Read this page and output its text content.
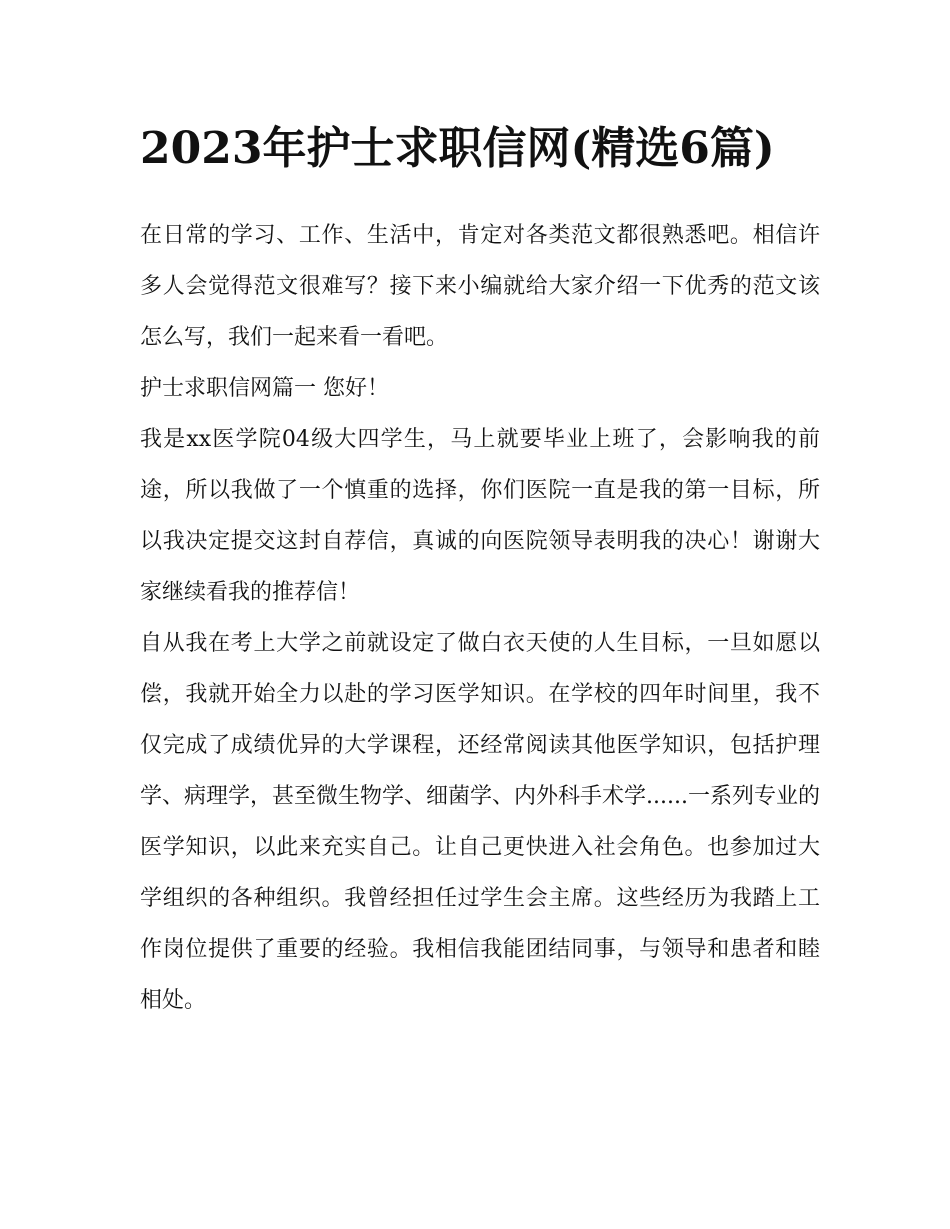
2023年护士求职信网(精选6篇)

在日常的学习、工作、生活中，肯定对各类范文都很熟悉吧。相信许多人会觉得范文很难写？接下来小编就给大家介绍一下优秀的范文该怎么写，我们一起来看一看吧。

护士求职信网篇一 您好！

我是xx医学院04级大四学生，马上就要毕业上班了，会影响我的前途，所以我做了一个慎重的选择，你们医院一直是我的第一目标，所以我决定提交这封自荐信，真诚的向医院领导表明我的决心！谢谢大家继续看我的推荐信！

自从我在考上大学之前就设定了做白衣天使的人生目标，一旦如愿以偿，我就开始全力以赴的学习医学知识。在学校的四年时间里，我不仅完成了成绩优异的大学课程，还经常阅读其他医学知识，包括护理学、病理学，甚至微生物学、细菌学、内外科手术学......一系列专业的医学知识，以此来充实自己。让自己更快进入社会角色。也参加过大学组织的各种组织。我曾经担任过学生会主席。这些经历为我踏上工作岗位提供了重要的经验。我相信我能团结同事，与领导和患者和睦相处。
